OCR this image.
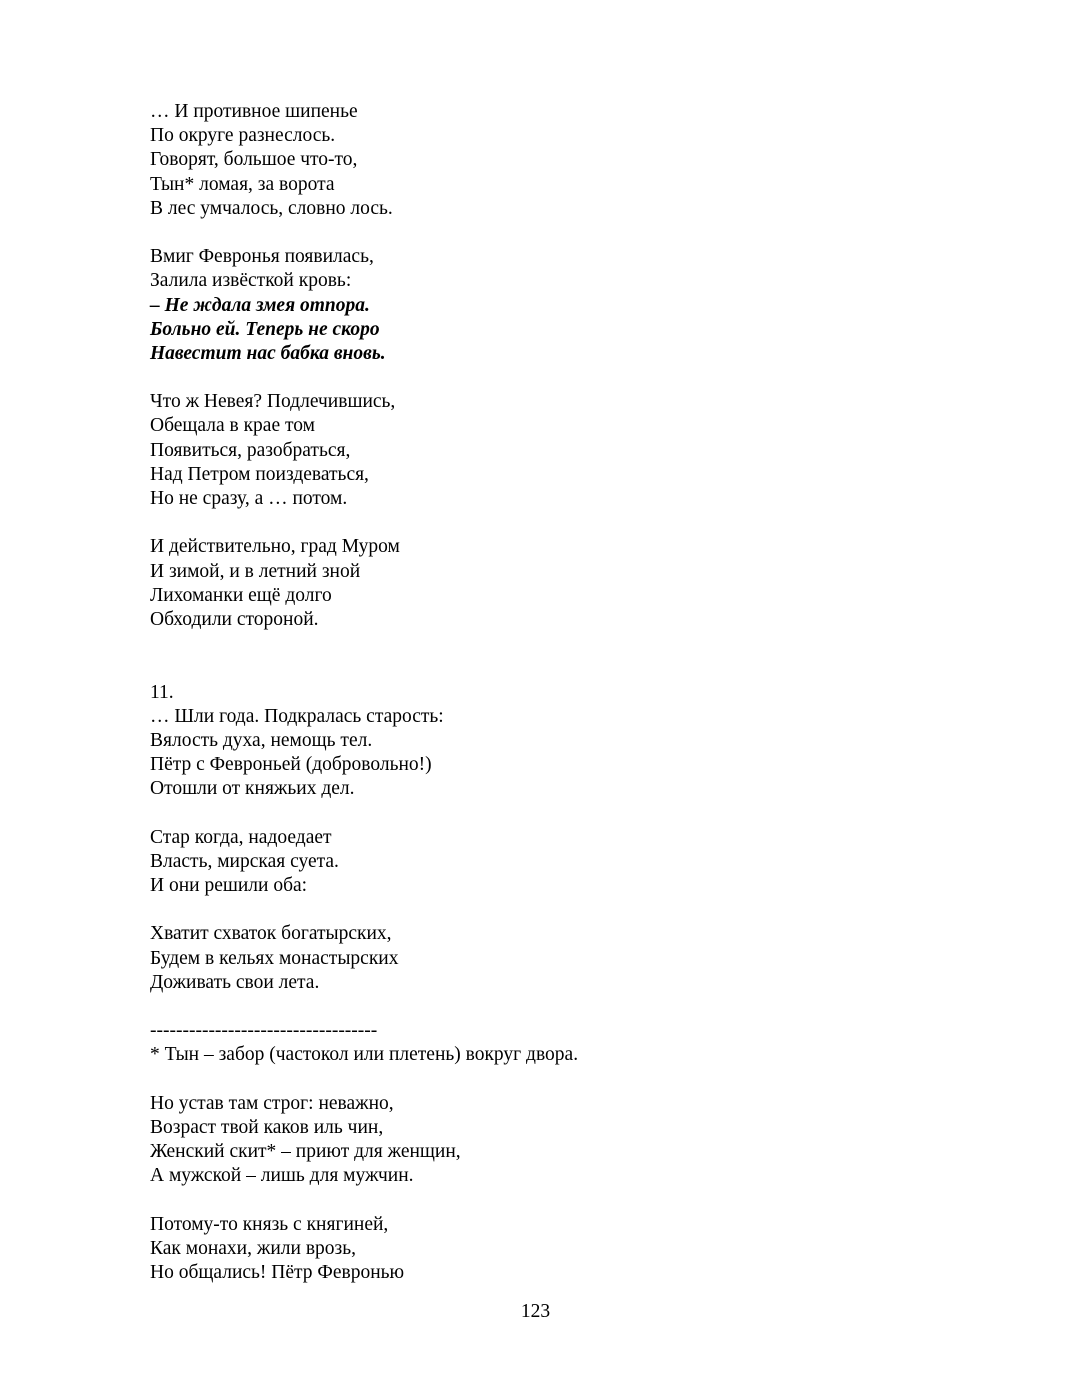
… И противное шипенье
По округе разнеслось.
Говорят, большое что-то,
Тын* ломая, за ворота
В лес умчалось, словно лось.
Вмиг Февронья появилась,
Залила извёсткой кровь:
– Не ждала змея отпора.
Больно ей. Теперь не скоро
Навестит нас бабка вновь.
Что ж Невея? Подлечившись,
Обещала в крае том
Появиться, разобраться,
Над Петром поиздеваться,
Но не сразу, а … потом.
И действительно, град Муром
И зимой, и в летний зной
Лихоманки ещё долго
Обходили стороной.
11.
… Шли года. Подкралась старость:
Вялость духа, немощь тел.
Пётр с Февроньей (добровольно!)
Отошли от княжьих дел.
Стар когда, надоедает
Власть, мирская суета.
И они решили оба:
Хватит схваток богатырских,
Будем в кельях монастырских
Доживать свои лета.
-----------------------------------
* Тын – забор (частокол или плетень) вокруг двора.
Но устав там строг: неважно,
Возраст твой каков иль чин,
Женский скит* – приют для женщин,
А мужской – лишь для мужчин.
Потому-то князь с княгиней,
Как монахи, жили врозь,
Но общались! Пётр Февронью
123
